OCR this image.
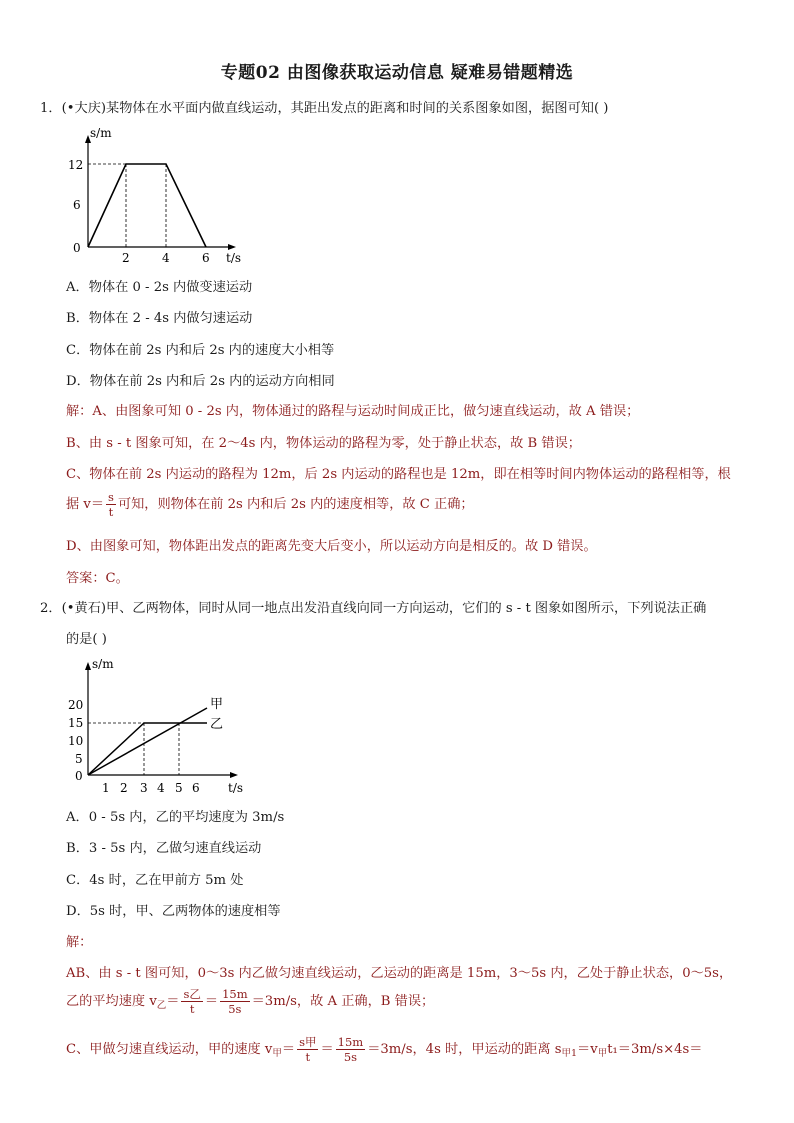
专题02 由图像获取运动信息 疑难易错题精选
1．(•大庆)某物体在水平面内做直线运动，其距出发点的距离和时间的关系图象如图，据图可知( )
s/m
t/s
12
6
0
2	4	6
A．物体在 0 - 2s 内做变速运动
B．物体在 2 - 4s 内做匀速运动
C．物体在前 2s 内和后 2s 内的速度大小相等
D．物体在前 2s 内和后 2s 内的运动方向相同
解：A、由图象可知 0 - 2s 内，物体通过的路程与运动时间成正比，做匀速直线运动，故 A 错误；
B、由 s - t 图象可知，在 2～4s 内，物体运动的路程为零，处于静止状态，故 B 错误；
C、物体在前 2s 内运动的路程为 12m，后 2s 内运动的路程也是 12m，即在相等时间内物体运动的路程相等，根
据 $v= \frac{s}{t}$ 可知，则物体在前 2s 内和后 2s 内的速度相等，故 C 正确；
D、由图象可知，物体距出发点的距离先变大后变小，所以运动方向是相反的。故 D 错误。
答案：C。
2．(•黄石)甲、乙两物体，同时从同一地点出发沿直线向同一方向运动，它们的 s - t 图象如图所示，下列说法正确
的是( )
s/m
t/s
甲
乙
20
15
10
5
0
1 2 3 4 5 6
A．0 - 5s 内，乙的平均速度为 3m/s
B．3 - 5s 内，乙做匀速直线运动
C．4s 时，乙在甲前方 5m 处
D．5s 时，甲、乙两物体的速度相等
解：
AB、由 s - t 图可知，0～3s 内乙做匀速直线运动，乙运动的距离是 15m，3～5s 内，乙处于静止状态，0～5s，
乙的平均速度 $v_乙= \frac{\text{s乙}}{t} = \frac{15m}{5s} =3m/s$，故 A 正确，B 错误；
C、甲做匀速直线运动，甲的速度 $v_甲= \frac{\text{s甲}}{t} = \frac{15m}{5s} =3m/s$，4s 时，甲运动的距离 $s_{甲1}=v_甲t_1=3m/s\times 4s=$
